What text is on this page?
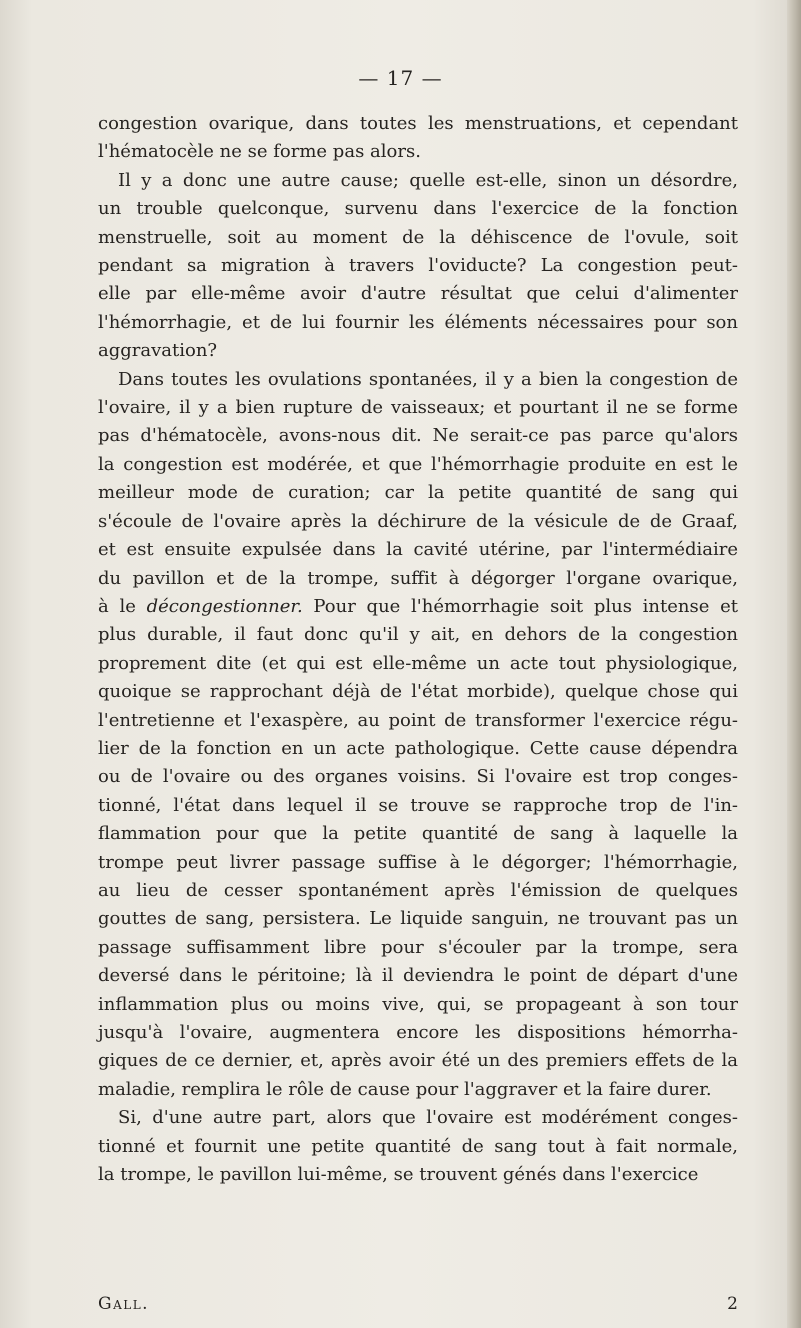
— 17 —

congestion ovarique, dans toutes les menstruations, et cependant
l'hématocèle ne se forme pas alors.

Il y a donc une autre cause; quelle est-elle, sinon un désordre,
un trouble quelconque, survenu dans l'exercice de la fonction
menstruelle, soit au moment de la déhiscence de l'ovule, soit
pendant sa migration à travers l'oviducte? La congestion peut-
elle par elle-même avoir d'autre résultat que celui d'alimenter
l'hémorrhagie, et de lui fournir les éléments nécessaires pour son
aggravation?

Dans toutes les ovulations spontanées, il y a bien la congestion de
l'ovaire, il y a bien rupture de vaisseaux; et pourtant il ne se forme
pas d'hématocèle, avons-nous dit. Ne serait-ce pas parce qu'alors
la congestion est modérée, et que l'hémorrhagie produite en est le
meilleur mode de curation; car la petite quantité de sang qui
s'écoule de l'ovaire après la déchirure de la vésicule de de Graaf,
et est ensuite expulsée dans la cavité utérine, par l'intermédiaire
du pavillon et de la trompe, suffit à dégorger l'organe ovarique,
à le décongestionner. Pour que l'hémorrhagie soit plus intense et
plus durable, il faut donc qu'il y ait, en dehors de la congestion
proprement dite (et qui est elle-même un acte tout physiologique,
quoique se rapprochant déjà de l'état morbide), quelque chose qui
l'entretienne et l'exaspère, au point de transformer l'exercice régu-
lier de la fonction en un acte pathologique. Cette cause dépendra
ou de l'ovaire ou des organes voisins. Si l'ovaire est trop conges-
tionné, l'état dans lequel il se trouve se rapproche trop de l'in-
flammation pour que la petite quantité de sang à laquelle la
trompe peut livrer passage suffise à le dégorger; l'hémorrhagie,
au lieu de cesser spontanément après l'émission de quelques
gouttes de sang, persistera. Le liquide sanguin, ne trouvant pas un
passage suffisamment libre pour s'écouler par la trompe, sera
deversé dans le péritoine; là il deviendra le point de départ d'une
inflammation plus ou moins vive, qui, se propageant à son tour
jusqu'à l'ovaire, augmentera encore les dispositions hémorrha-
giques de ce dernier, et, après avoir été un des premiers effets de la
maladie, remplira le rôle de cause pour l'aggraver et la faire durer.

Si, d'une autre part, alors que l'ovaire est modérément conges-
tionné et fournit une petite quantité de sang tout à fait normale,
la trompe, le pavillon lui-même, se trouvent génés dans l'exercice

Gall.	2
